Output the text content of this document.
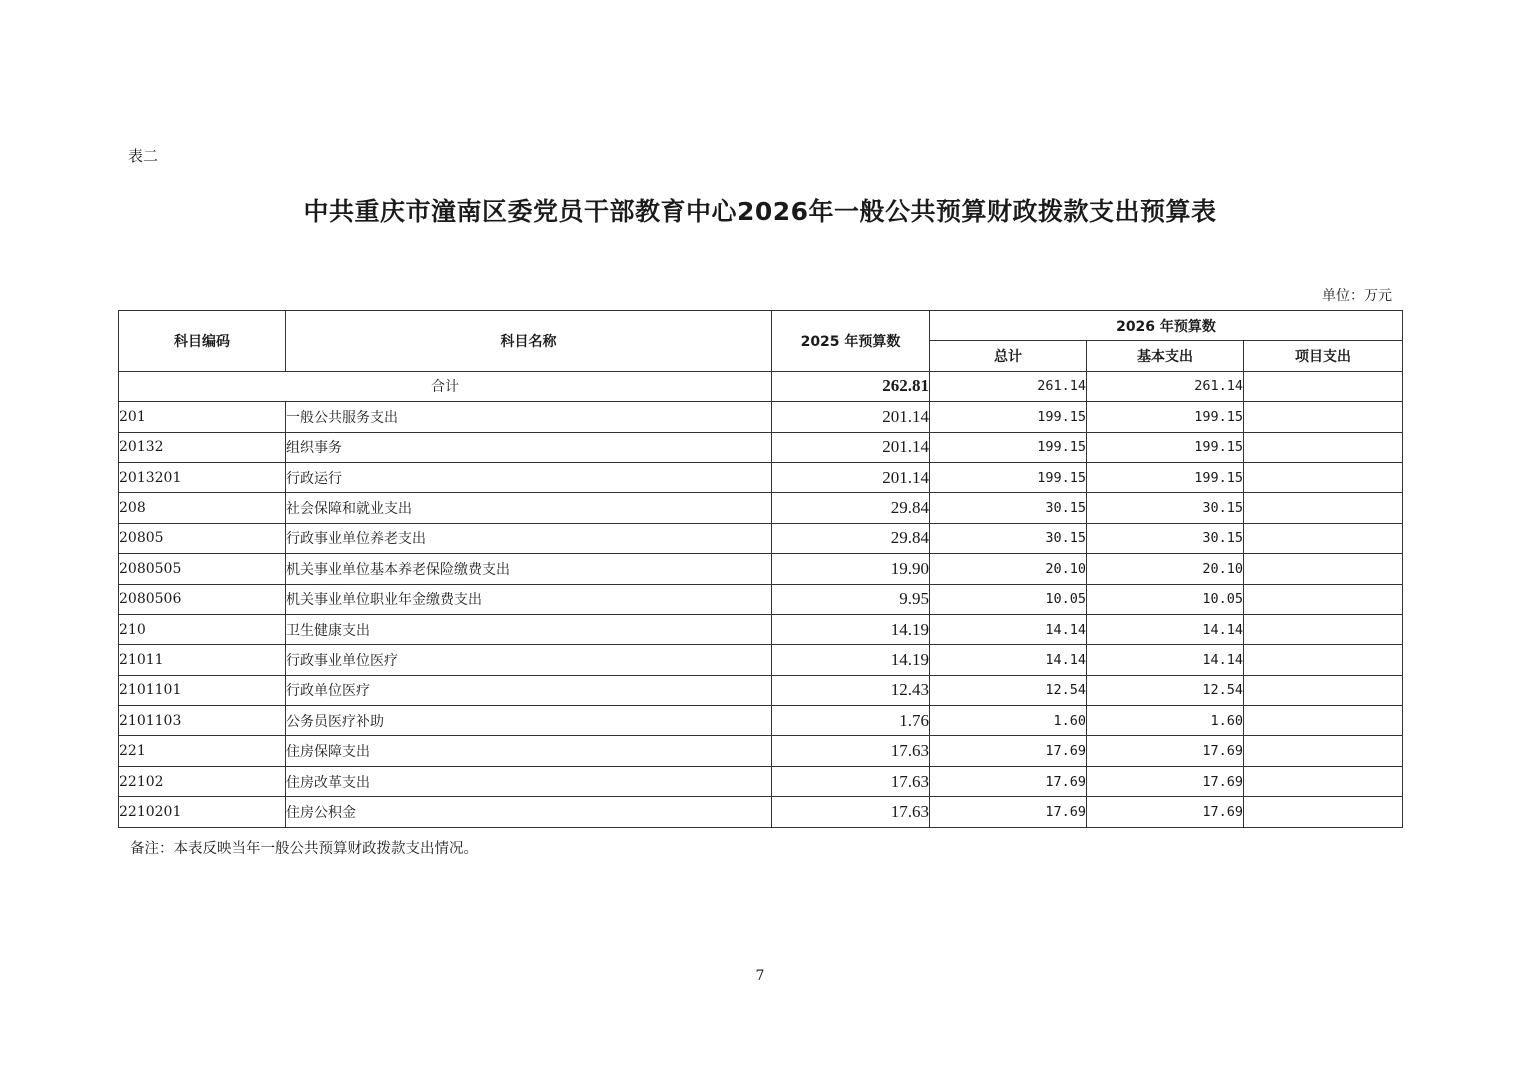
表二
中共重庆市潼南区委党员干部教育中心2026年一般公共预算财政拨款支出预算表
单位：万元
科目编码	科目名称	2025 年预算数	2026 年预算数		
			总计	基本支出	项目支出
合计		262.81	261.14	261.14	
201	一般公共服务支出	201.14	199.15	199.15	
20132	组织事务	201.14	199.15	199.15	
2013201	行政运行	201.14	199.15	199.15	
208	社会保障和就业支出	29.84	30.15	30.15	
20805	行政事业单位养老支出	29.84	30.15	30.15	
2080505	机关事业单位基本养老保险缴费支出	19.90	20.10	20.10	
2080506	机关事业单位职业年金缴费支出	9.95	10.05	10.05	
210	卫生健康支出	14.19	14.14	14.14	
21011	行政事业单位医疗	14.19	14.14	14.14	
2101101	行政单位医疗	12.43	12.54	12.54	
2101103	公务员医疗补助	1.76	1.60	1.60	
221	住房保障支出	17.63	17.69	17.69	
22102	住房改革支出	17.63	17.69	17.69	
2210201	住房公积金	17.63	17.69	17.69	
备注：本表反映当年一般公共预算财政拨款支出情况。
7
